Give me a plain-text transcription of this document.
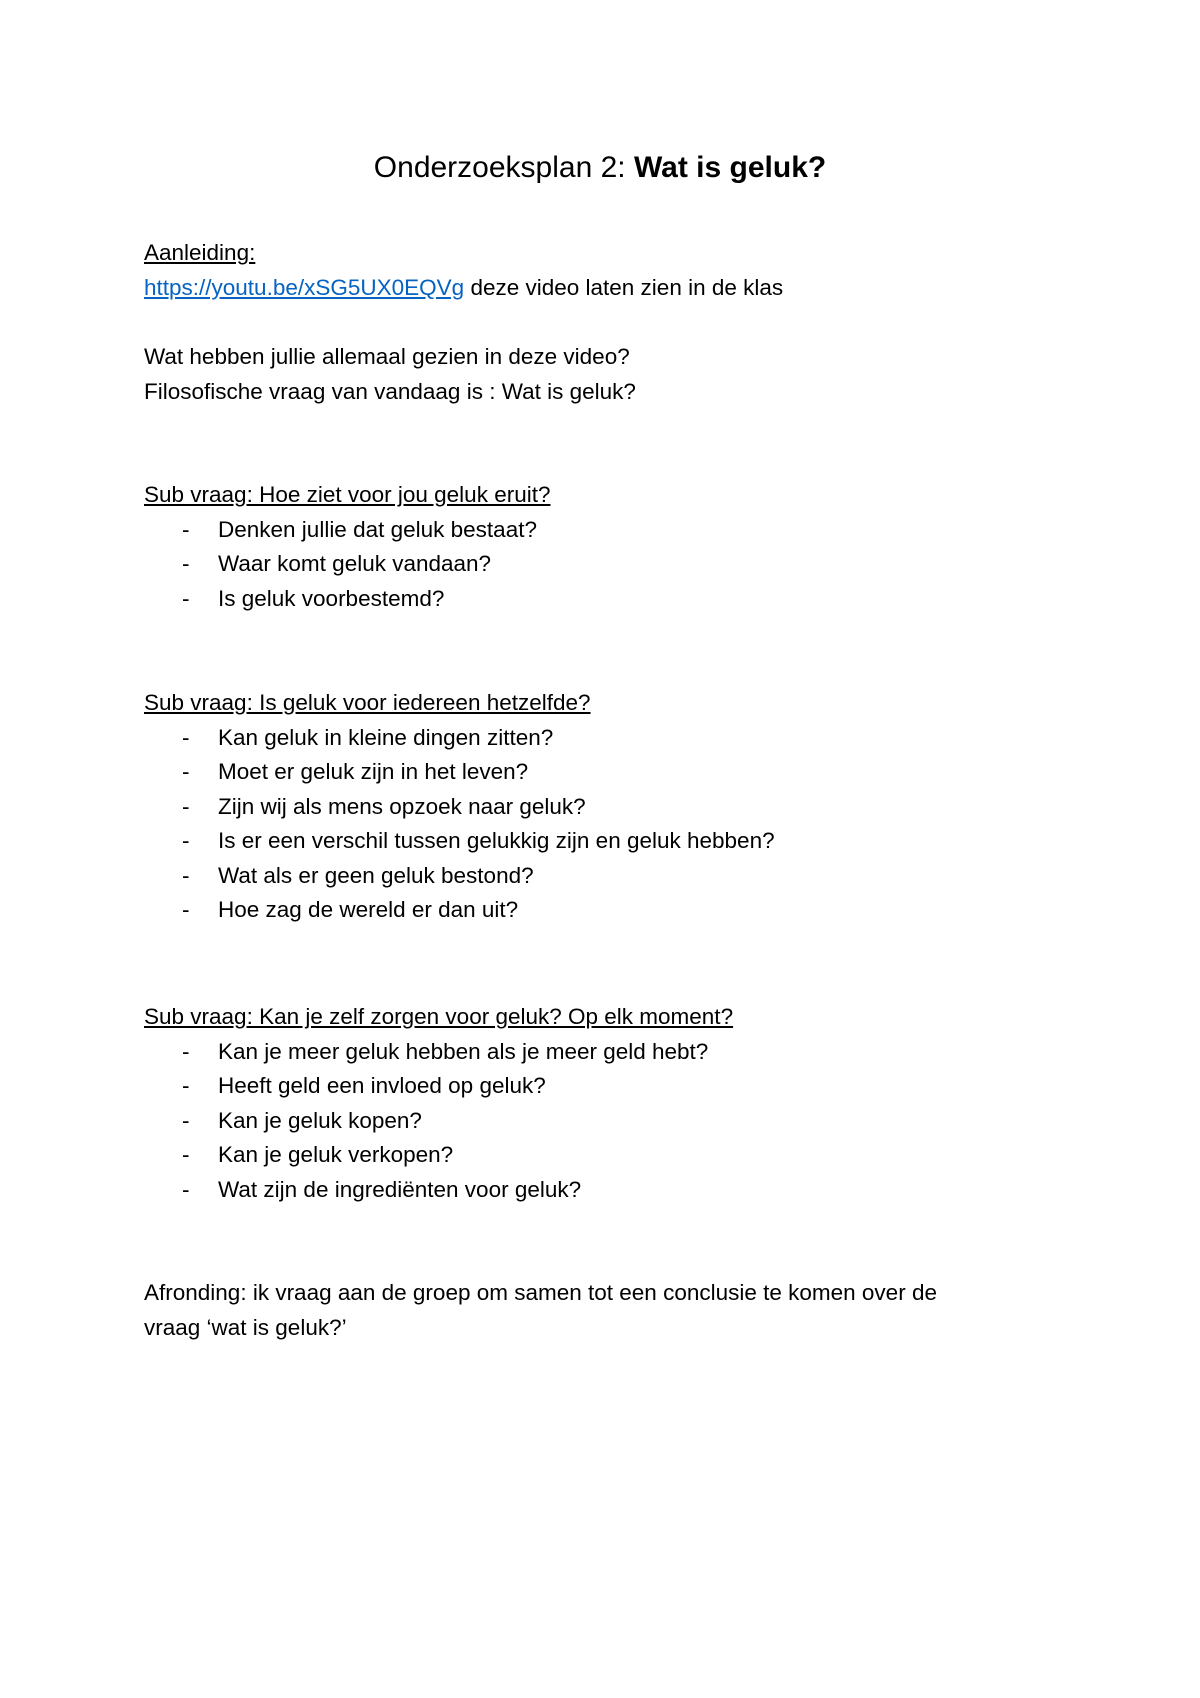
Onderzoeksplan 2: Wat is geluk?
Aanleiding:
https://youtu.be/xSG5UX0EQVg deze video laten zien in de klas
Wat hebben jullie allemaal gezien in deze video?
Filosofische vraag van vandaag is : Wat is geluk?
Sub vraag: Hoe ziet voor jou geluk eruit?
- Denken jullie dat geluk bestaat?
- Waar komt geluk vandaan?
- Is geluk voorbestemd?
Sub vraag: Is geluk voor iedereen hetzelfde?
- Kan geluk in kleine dingen zitten?
- Moet er geluk zijn in het leven?
- Zijn wij als mens opzoek naar geluk?
- Is er een verschil tussen gelukkig zijn en geluk hebben?
- Wat als er geen geluk bestond?
- Hoe zag de wereld er dan uit?
Sub vraag: Kan je zelf zorgen voor geluk? Op elk moment?
- Kan je meer geluk hebben als je meer geld hebt?
- Heeft geld een invloed op geluk?
- Kan je geluk kopen?
- Kan je geluk verkopen?
- Wat zijn de ingrediënten voor geluk?
Afronding: ik vraag aan de groep om samen tot een conclusie te komen over de
vraag ‘wat is geluk?’
